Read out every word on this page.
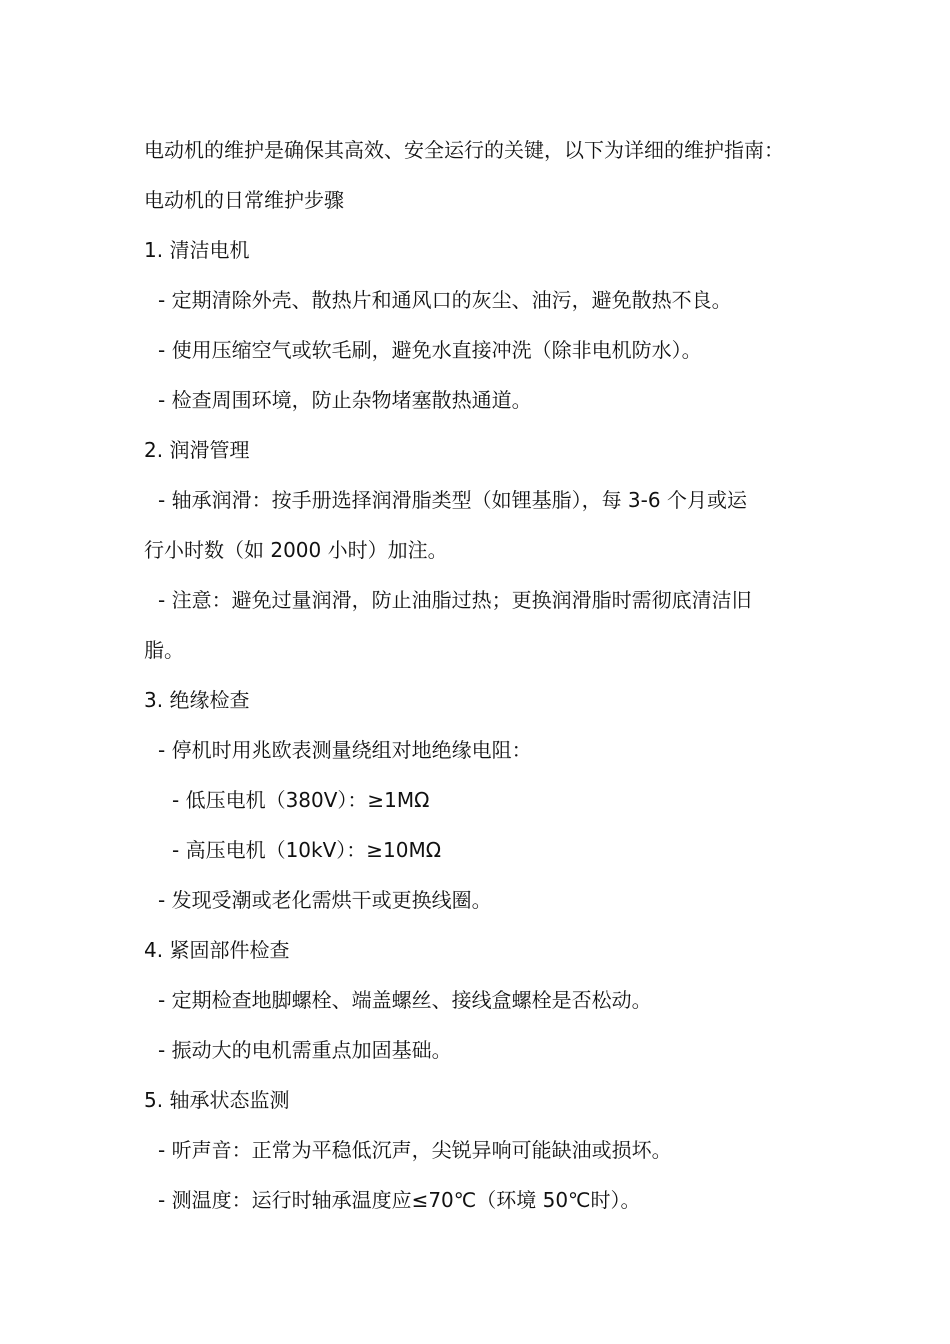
电动机的维护是确保其高效、安全运行的关键，以下为详细的维护指南：
电动机的日常维护步骤
1. 清洁电机
- 定期清除外壳、散热片和通风口的灰尘、油污，避免散热不良。
- 使用压缩空气或软毛刷，避免水直接冲洗（除非电机防水）。
- 检查周围环境，防止杂物堵塞散热通道。
2. 润滑管理
- 轴承润滑：按手册选择润滑脂类型（如锂基脂），每 3-6 个月或运
行小时数（如 2000 小时）加注。
- 注意：避免过量润滑，防止油脂过热；更换润滑脂时需彻底清洁旧
脂。
3. 绝缘检查
- 停机时用兆欧表测量绕组对地绝缘电阻：
- 低压电机（380V）：≥1MΩ
- 高压电机（10kV）：≥10MΩ
- 发现受潮或老化需烘干或更换线圈。
4. 紧固部件检查
- 定期检查地脚螺栓、端盖螺丝、接线盒螺栓是否松动。
- 振动大的电机需重点加固基础。
5. 轴承状态监测
- 听声音：正常为平稳低沉声，尖锐异响可能缺油或损坏。
- 测温度：运行时轴承温度应≤70℃（环境 50℃时）。
